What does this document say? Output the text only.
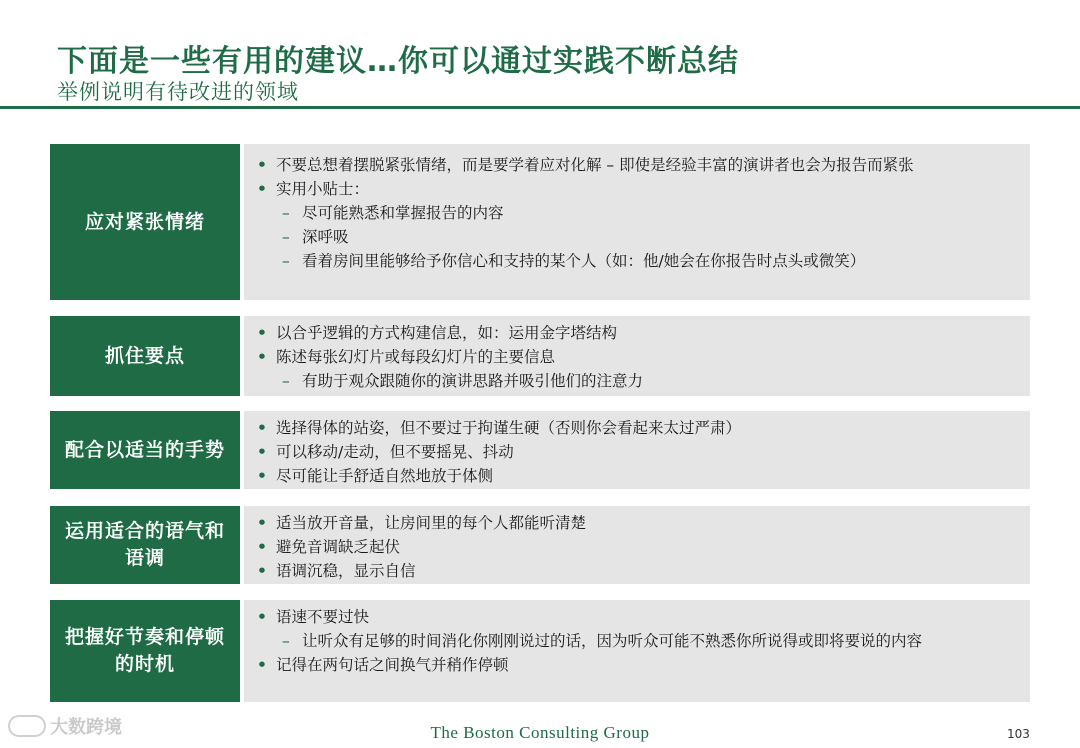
下面是一些有用的建议…你可以通过实践不断总结
举例说明有待改进的领域
应对紧张情绪
• 不要总想着摆脱紧张情绪，而是要学着应对化解 – 即使是经验丰富的演讲者也会为报告而紧张
• 实用小贴士：
– 尽可能熟悉和掌握报告的内容
– 深呼吸
– 看着房间里能够给予你信心和支持的某个人（如：他/她会在你报告时点头或微笑）
抓住要点
• 以合乎逻辑的方式构建信息，如：运用金字塔结构
• 陈述每张幻灯片或每段幻灯片的主要信息
– 有助于观众跟随你的演讲思路并吸引他们的注意力
配合以适当的手势
• 选择得体的站姿，但不要过于拘谨生硬（否则你会看起来太过严肃）
• 可以移动/走动，但不要摇晃、抖动
• 尽可能让手舒适自然地放于体侧
运用适合的语气和语调
• 适当放开音量，让房间里的每个人都能听清楚
• 避免音调缺乏起伏
• 语调沉稳，显示自信
把握好节奏和停顿的时机
• 语速不要过快
– 让听众有足够的时间消化你刚刚说过的话，因为听众可能不熟悉你所说得或即将要说的内容
• 记得在两句话之间换气并稍作停顿
大数跨境	The Boston Consulting Group	103
